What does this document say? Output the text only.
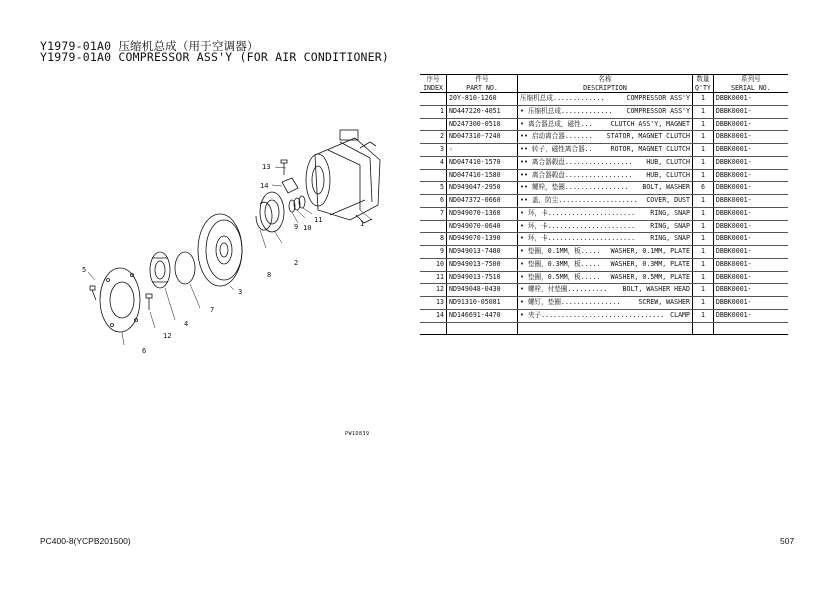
Y1979-01A0 压缩机总成（用于空调器）
Y1979-01A0 COMPRESSOR ASS'Y (FOR AIR CONDITIONER)
13
14
9 10
11
2
8
3
7
4
12
6
5
1
PW1D839
序号	件号	名称	数量	系列号
INDEX	PART NO.	DESCRIPTION	Q'TY	SERIAL NO.
	20Y-810-1260	压缩机总成............. COMPRESSOR ASS'Y	1	DBBK0001-
1	ND447220-4051	• 压缩机总成............. COMPRESSOR ASS'Y	1	DBBK0001-
	ND247300-0510	• 离合器总成，磁性... CLUTCH ASS'Y, MAGNET	1	DBBK0001-
2	ND047310-7240	•• 启动离合器....... STATOR, MAGNET CLUTCH	1	DBBK0001-
3	☆	•• 转子，磁性离合器.. ROTOR, MAGNET CLUTCH	1	DBBK0001-
4	ND047410-1570	•• 离合器毂盘................. HUB, CLUTCH	1	DBBK0001-
	ND047410-1580	•• 离合器毂盘................. HUB, CLUTCH	1	DBBK0001-
5	ND949047-2950	•• 螺栓，垫圈................ BOLT, WASHER	6	DBBK0001-
6	ND047372-0660	•• 盖，防尘.................... COVER, DUST	1	DBBK0001-
7	ND949070-1360	• 环，卡...................... RING, SNAP	1	DBBK0001-
	ND949070-0640	• 环，卡...................... RING, SNAP	1	DBBK0001-
8	ND949070-1390	• 环，卡...................... RING, SNAP	1	DBBK0001-
9	ND949013-7480	• 垫圈，0.1MM，板..... WASHER, 0.1MM, PLATE	1	DBBK0001-
10	ND949013-7500	• 垫圈，0.3MM，板..... WASHER, 0.3MM, PLATE	1	DBBK0001-
11	ND949013-7510	• 垫圈，0.5MM，板..... WASHER, 0.5MM, PLATE	1	DBBK0001-
12	ND949048-0430	• 螺栓，付垫圈.......... BOLT, WASHER HEAD	1	DBBK0001-
13	ND91310-05081	• 螺钉，垫圈............... SCREW, WASHER	1	DBBK0001-
14	ND146691-4470	• 夹子............................... CLAMP	1	DBBK0001-

PC400-8(YCPB201500)	507
